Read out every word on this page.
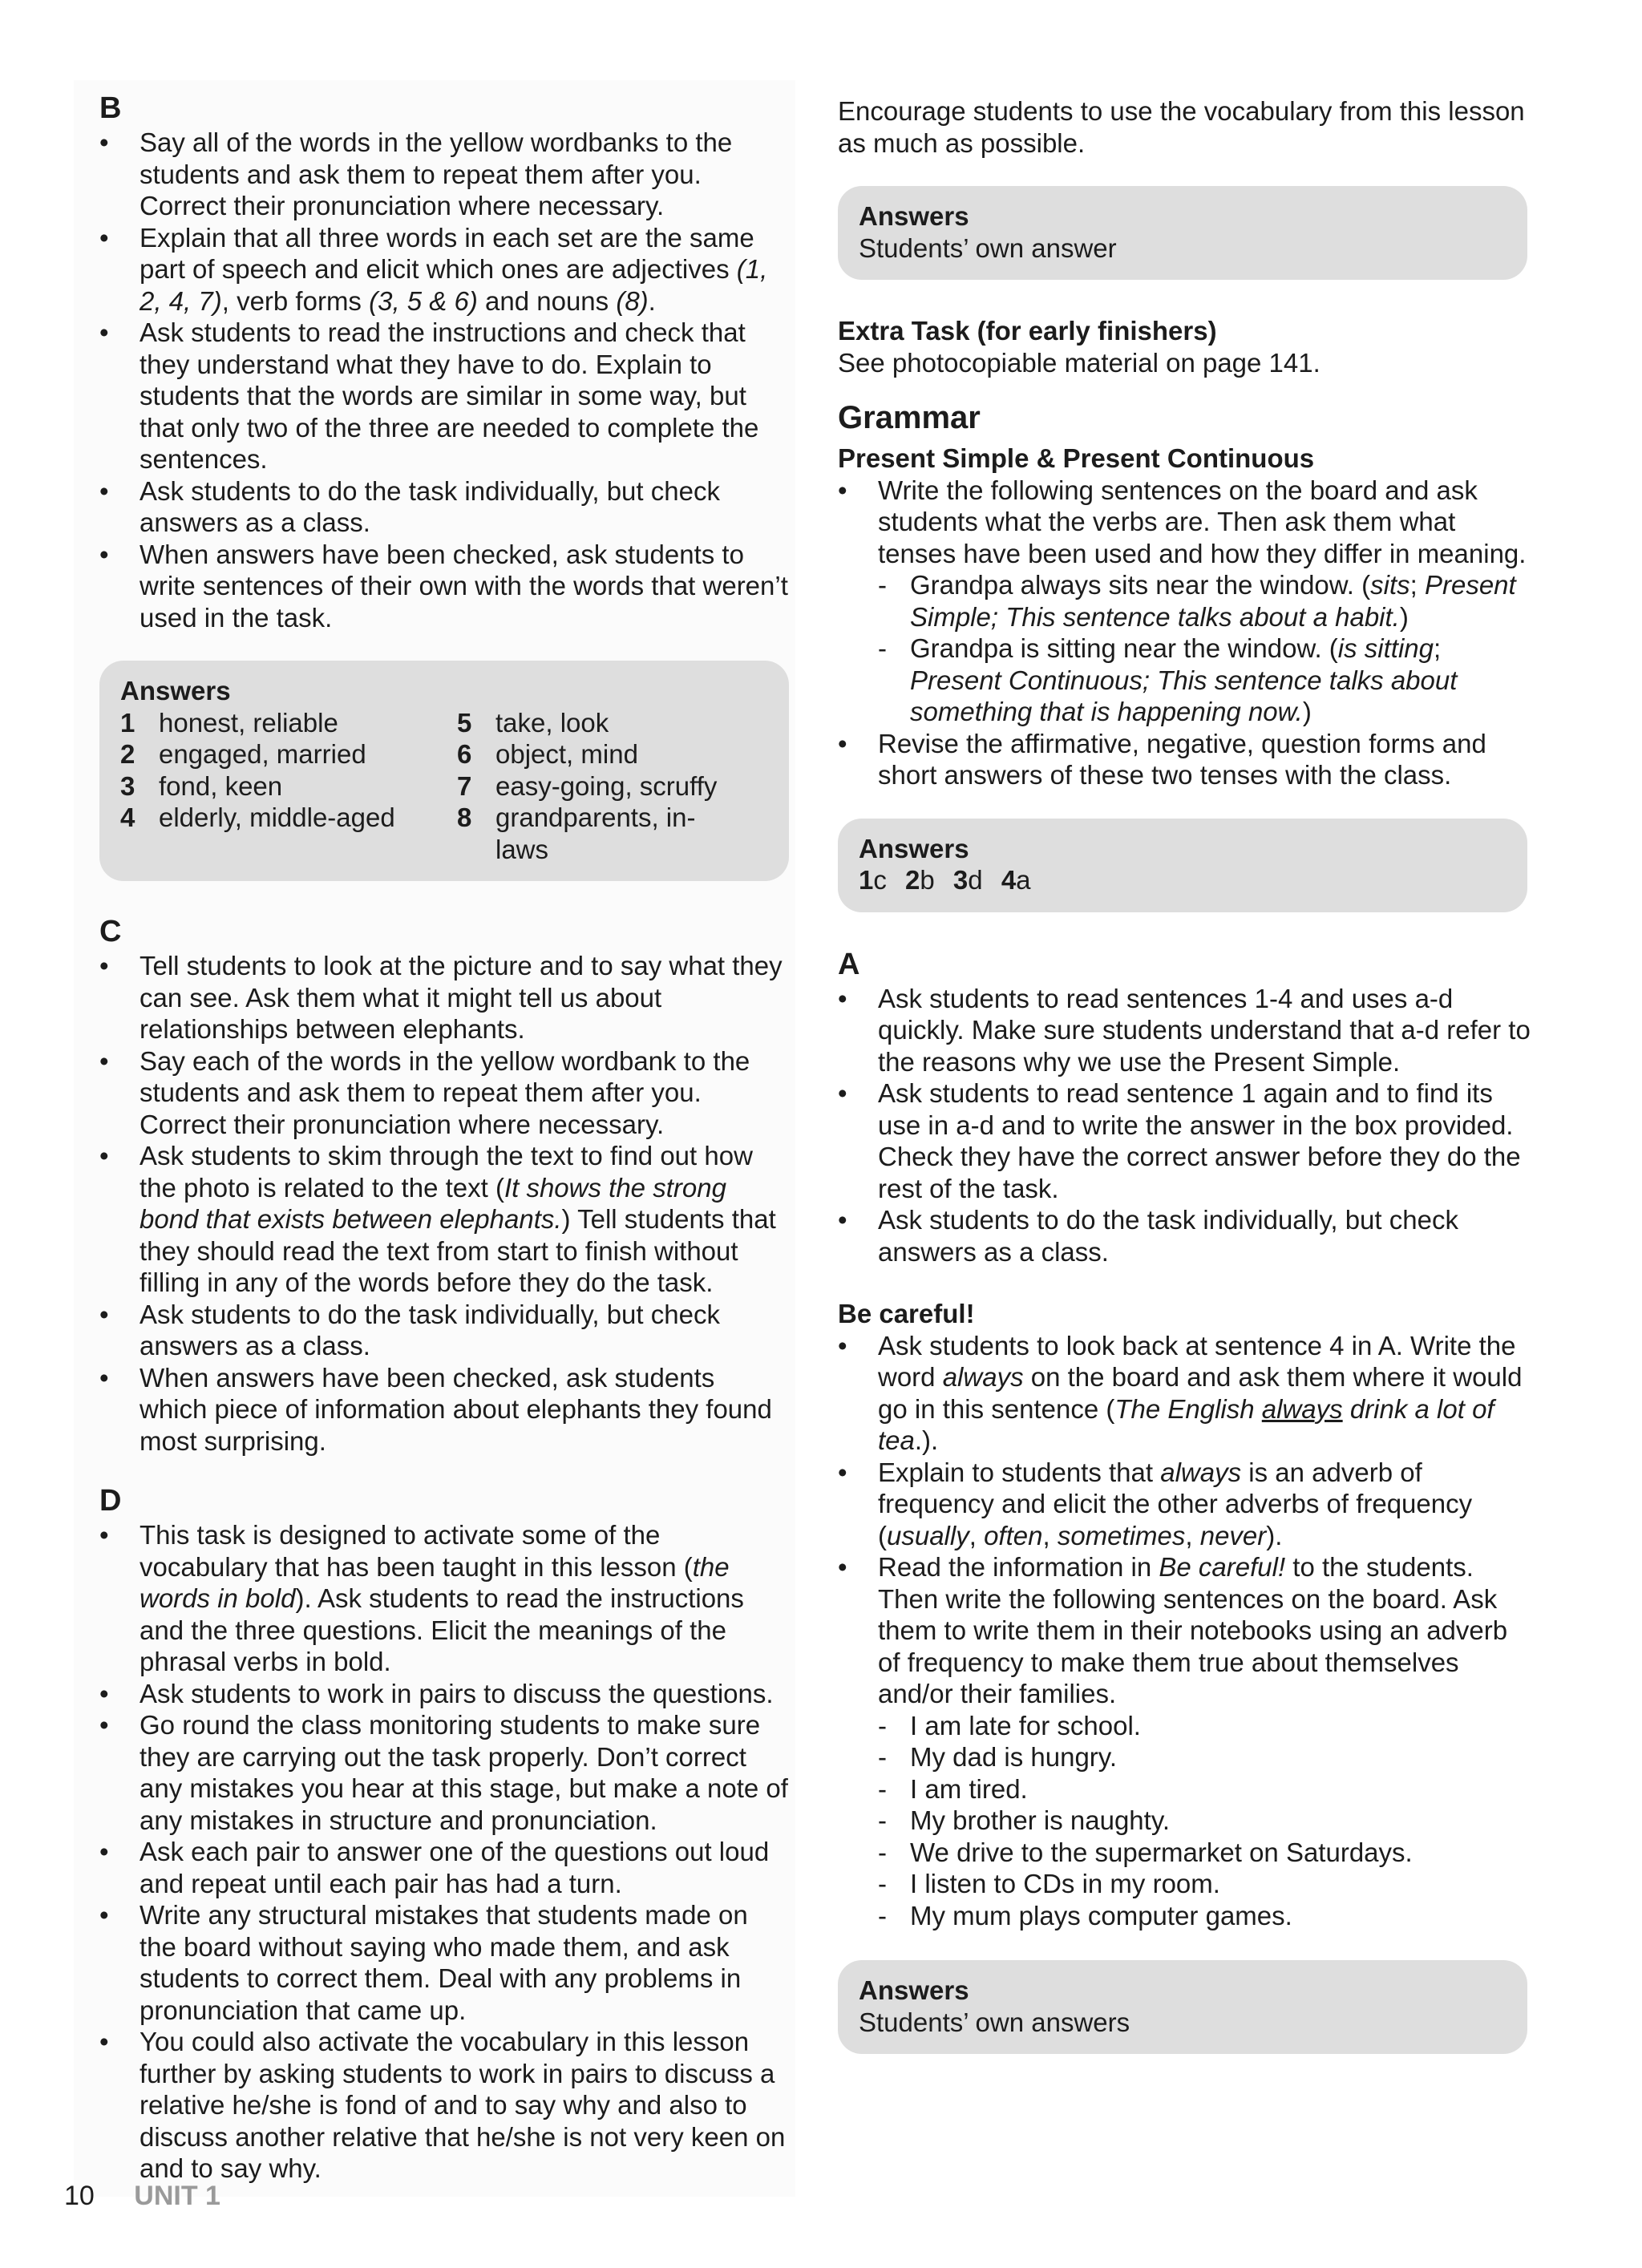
B
• Say all of the words in the yellow wordbanks to the students and ask them to repeat them after you. Correct their pronunciation where necessary.
• Explain that all three words in each set are the same part of speech and elicit which ones are adjectives (1, 2, 4, 7), verb forms (3, 5 & 6) and nouns (8).
• Ask students to read the instructions and check that they understand what they have to do. Explain to students that the words are similar in some way, but that only two of the three are needed to complete the sentences.
• Ask students to do the task individually, but check answers as a class.
• When answers have been checked, ask students to write sentences of their own with the words that weren’t used in the task.
Answers
1 honest, reliable	5 take, look
2 engaged, married	6 object, mind
3 fond, keen	7 easy-going, scruffy
4 elderly, middle-aged 8 grandparents, in-laws
C
• Tell students to look at the picture and to say what they can see. Ask them what it might tell us about relationships between elephants.
• Say each of the words in the yellow wordbank to the students and ask them to repeat them after you. Correct their pronunciation where necessary.
• Ask students to skim through the text to find out how the photo is related to the text (It shows the strong bond that exists between elephants.) Tell students that they should read the text from start to finish without filling in any of the words before they do the task.
• Ask students to do the task individually, but check answers as a class.
• When answers have been checked, ask students which piece of information about elephants they found most surprising.
D
• This task is designed to activate some of the vocabulary that has been taught in this lesson (the words in bold). Ask students to read the instructions and the three questions. Elicit the meanings of the phrasal verbs in bold.
• Ask students to work in pairs to discuss the questions.
• Go round the class monitoring students to make sure they are carrying out the task properly. Don’t correct any mistakes you hear at this stage, but make a note of any mistakes in structure and pronunciation.
• Ask each pair to answer one of the questions out loud and repeat until each pair has had a turn.
• Write any structural mistakes that students made on the board without saying who made them, and ask students to correct them. Deal with any problems in pronunciation that came up.
• You could also activate the vocabulary in this lesson further by asking students to work in pairs to discuss a relative he/she is fond of and to say why and also to discuss another relative that he/she is not very keen on and to say why.

Encourage students to use the vocabulary from this lesson as much as possible.

Answers
Students’ own answer

Extra Task (for early finishers)

See photocopiable material on page 141.

Grammar

Present Simple & Present Continuous

• Write the following sentences on the board and ask students what the verbs are. Then ask them what tenses have been used and how they differ in meaning.
- Grandpa always sits near the window. (sits; Present Simple; This sentence talks about a habit.)
- Grandpa is sitting near the window. (is sitting; Present Continuous; This sentence talks about something that is happening now.)
• Revise the affirmative, negative, question forms and short answers of these two tenses with the class.
Answers
1c 2b 3d 4a
A
• Ask students to read sentences 1-4 and uses a-d quickly. Make sure students understand that a-d refer to the reasons why we use the Present Simple.
• Ask students to read sentence 1 again and to find its use in a-d and to write the answer in the box provided. Check they have the correct answer before they do the rest of the task.
• Ask students to do the task individually, but check answers as a class.

Be careful!

• Ask students to look back at sentence 4 in A. Write the word always on the board and ask them where it would go in this sentence (The English always drink a lot of tea.).
• Explain to students that always is an adverb of frequency and elicit the other adverbs of frequency (usually, often, sometimes, never).
• Read the information in Be careful! to the students. Then write the following sentences on the board. Ask them to write them in their notebooks using an adverb of frequency to make them true about themselves and/or their families.
- I am late for school.
- My dad is hungry.
- I am tired.
- My brother is naughty.
- We drive to the supermarket on Saturdays.
- I listen to CDs in my room.
- My mum plays computer games.
Answers
Students’ own answers
10 UNIT 1
